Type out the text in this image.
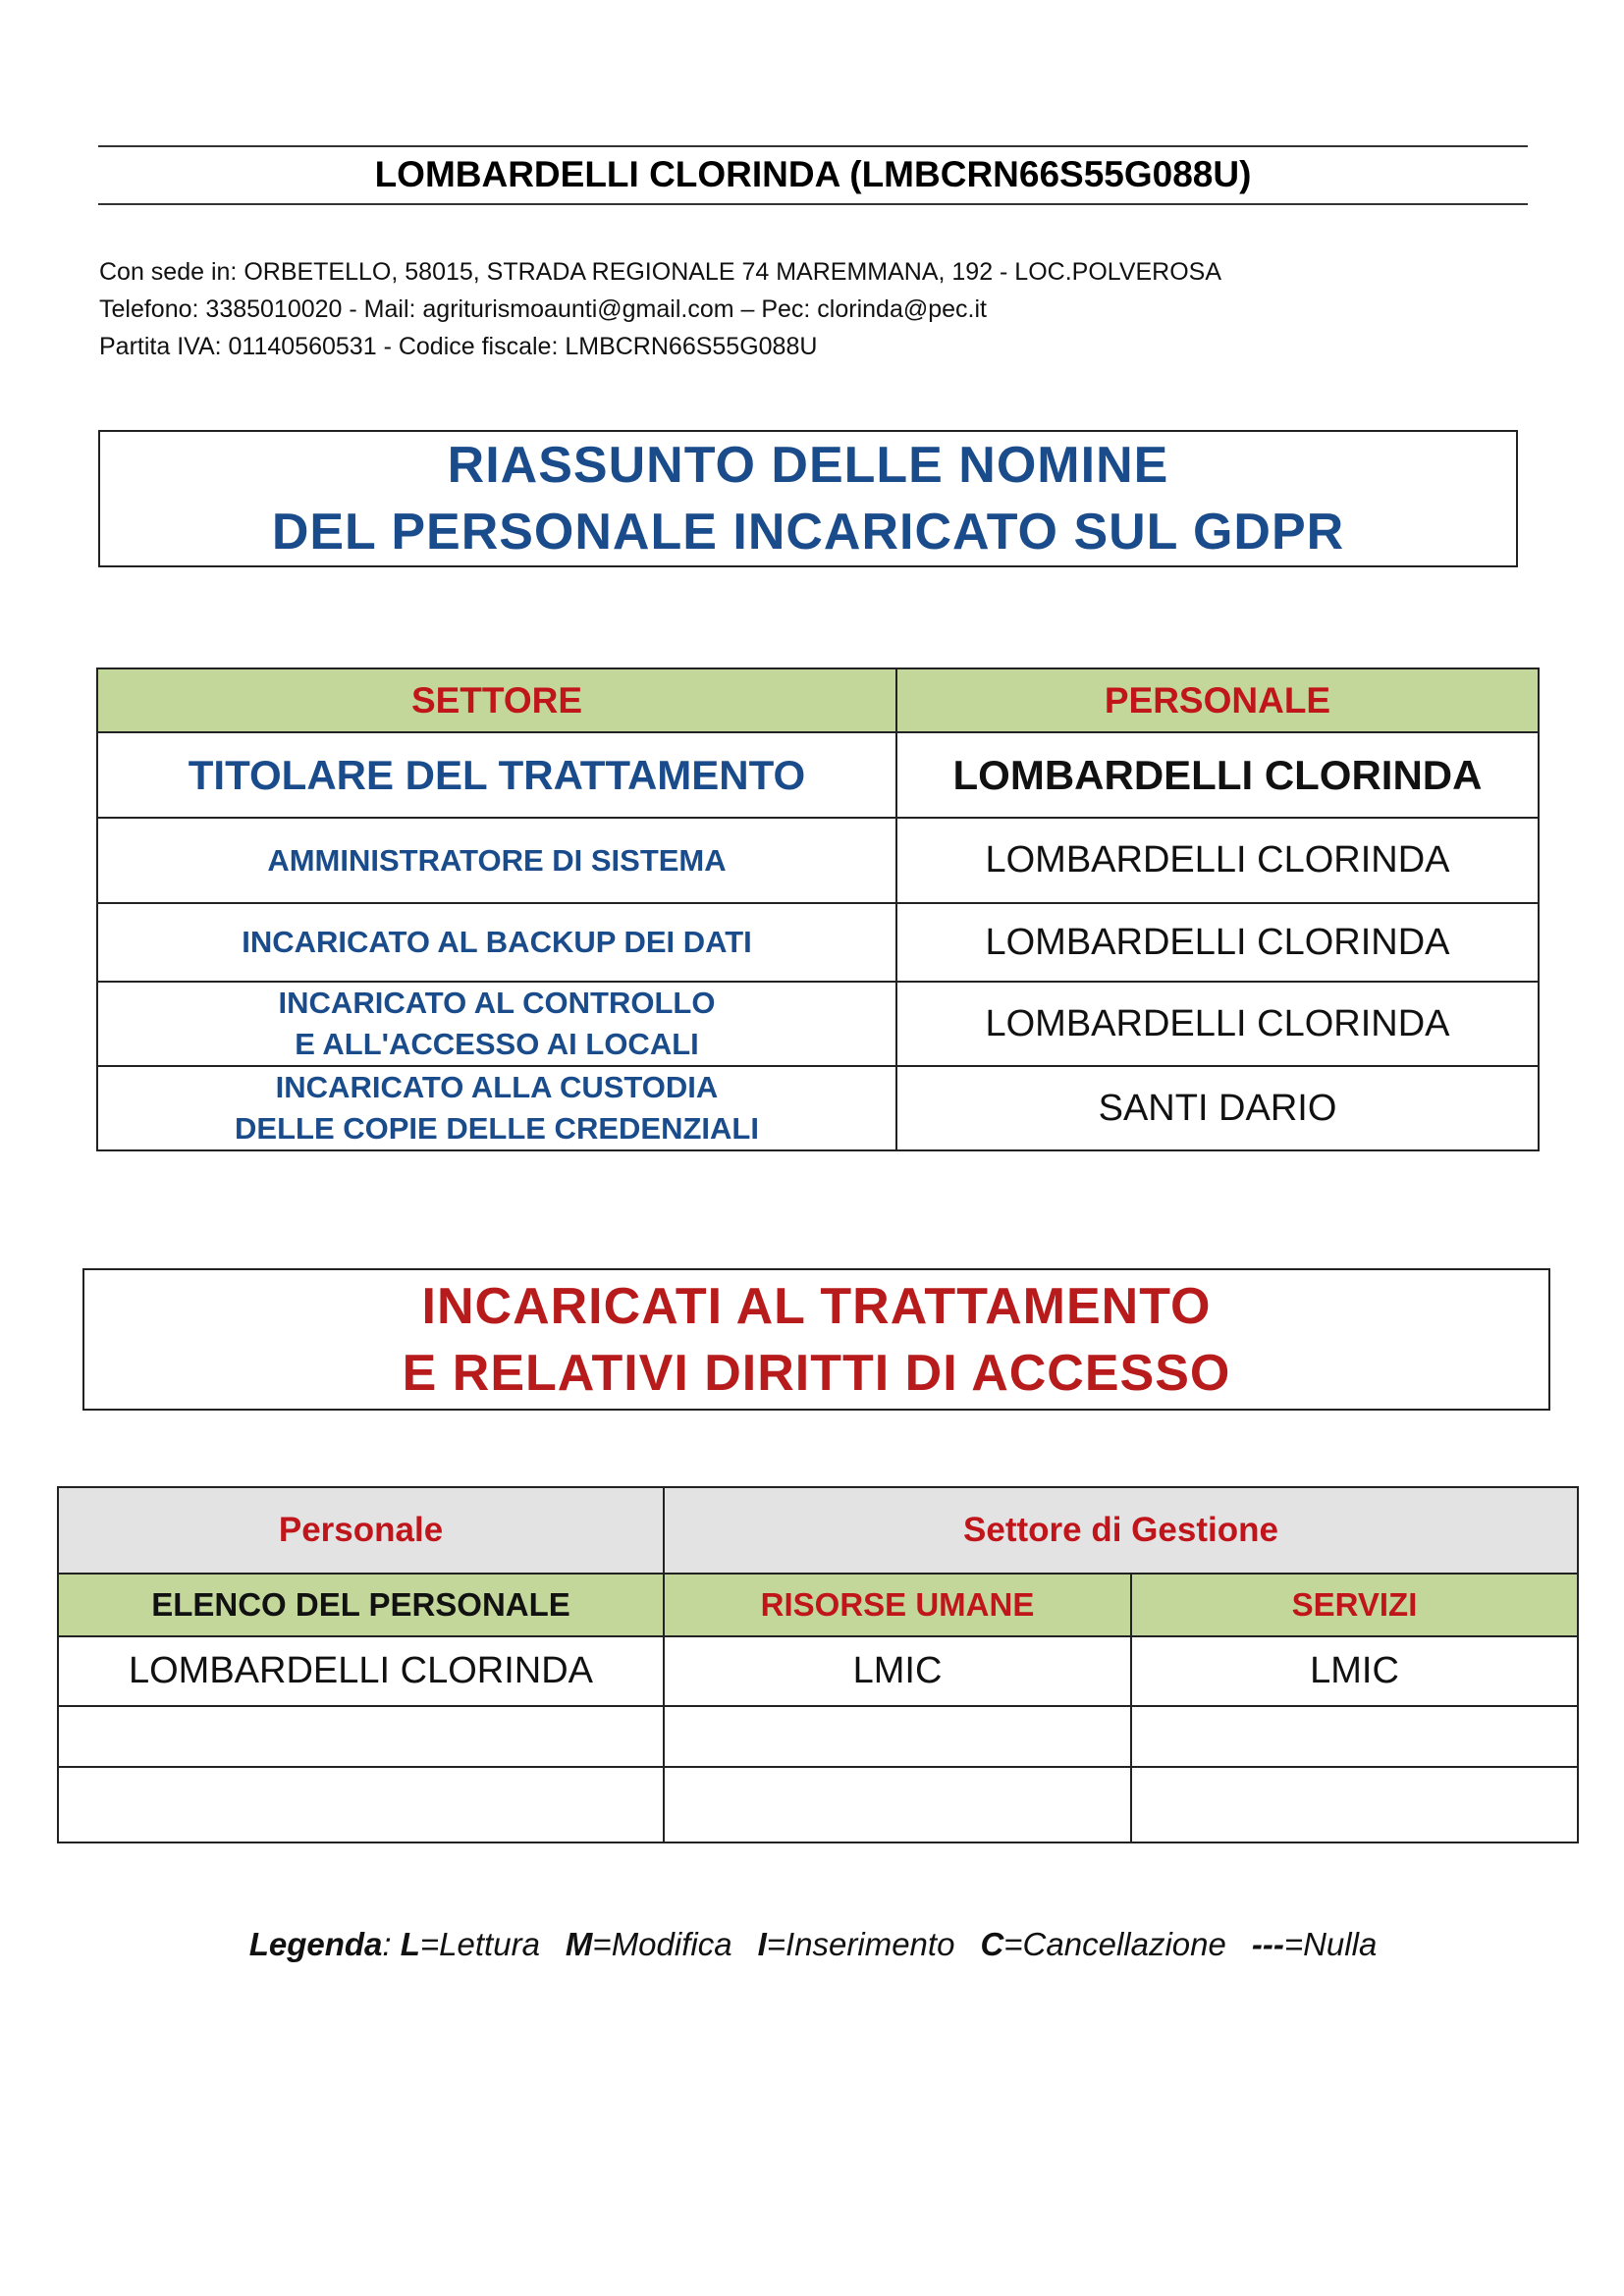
LOMBARDELLI CLORINDA (LMBCRN66S55G088U)
Con sede in: ORBETELLO, 58015, STRADA REGIONALE 74 MAREMMANA, 192 - LOC.POLVEROSA
Telefono: 3385010020 - Mail: agriturismoaunti@gmail.com – Pec: clorinda@pec.it
Partita IVA: 01140560531 - Codice fiscale: LMBCRN66S55G088U
RIASSUNTO DELLE NOMINE
DEL PERSONALE INCARICATO SUL GDPR
SETTORE	PERSONALE
TITOLARE DEL TRATTAMENTO	LOMBARDELLI CLORINDA
AMMINISTRATORE DI SISTEMA	LOMBARDELLI CLORINDA
INCARICATO AL BACKUP DEI DATI	LOMBARDELLI CLORINDA

INCARICATO AL CONTROLLO
E ALL'ACCESSO AI LOCALI	LOMBARDELLI CLORINDA

INCARICATO ALLA CUSTODIA
DELLE COPIE DELLE CREDENZIALI	SANTI DARIO
INCARICATI AL TRATTAMENTO
E RELATIVI DIRITTI DI ACCESSO
Personale	Settore di Gestione	
ELENCO DEL PERSONALE	RISORSE UMANE	SERVIZI
LOMBARDELLI CLORINDA	LMIC	LMIC

Legenda: L=Lettura M=Modifica I=Inserimento C=Cancellazione ---=Nulla
